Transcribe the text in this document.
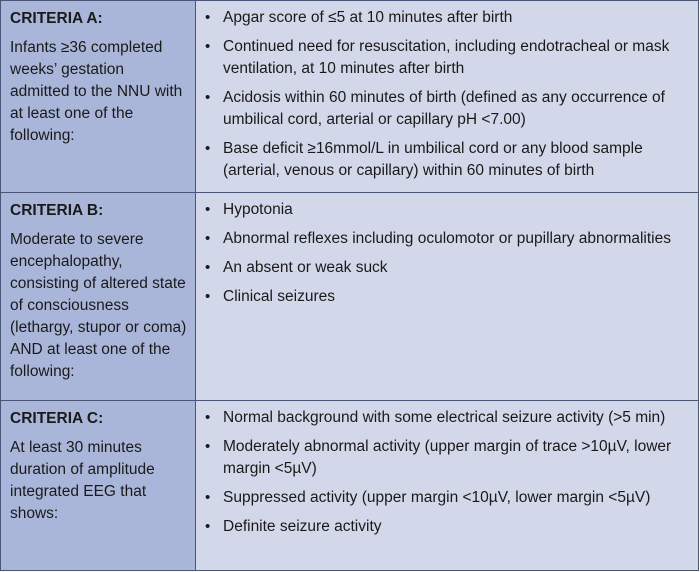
CRITERIA A:
Infants ≥36 completed weeks’ gestation admitted to the NNU with at least one of the following:
• Apgar score of ≤5 at 10 minutes after birth
• Continued need for resuscitation, including endotracheal or mask ventilation, at 10 minutes after birth
• Acidosis within 60 minutes of birth (defined as any occurrence of umbilical cord, arterial or capillary pH <7.00)
• Base deficit ≥16mmol/L in umbilical cord or any blood sample (arterial, venous or capillary) within 60 minutes of birth
CRITERIA B:
Moderate to severe encephalopathy, consisting of altered state of consciousness (lethargy, stupor or coma) AND at least one of the following:
• Hypotonia
• Abnormal reflexes including oculomotor or pupillary abnormalities
• An absent or weak suck
• Clinical seizures
CRITERIA C:
At least 30 minutes duration of amplitude integrated EEG that shows:
• Normal background with some electrical seizure activity (>5 min)
• Moderately abnormal activity (upper margin of trace >10µV, lower margin <5µV)
• Suppressed activity (upper margin <10µV, lower margin <5µV)
• Definite seizure activity
